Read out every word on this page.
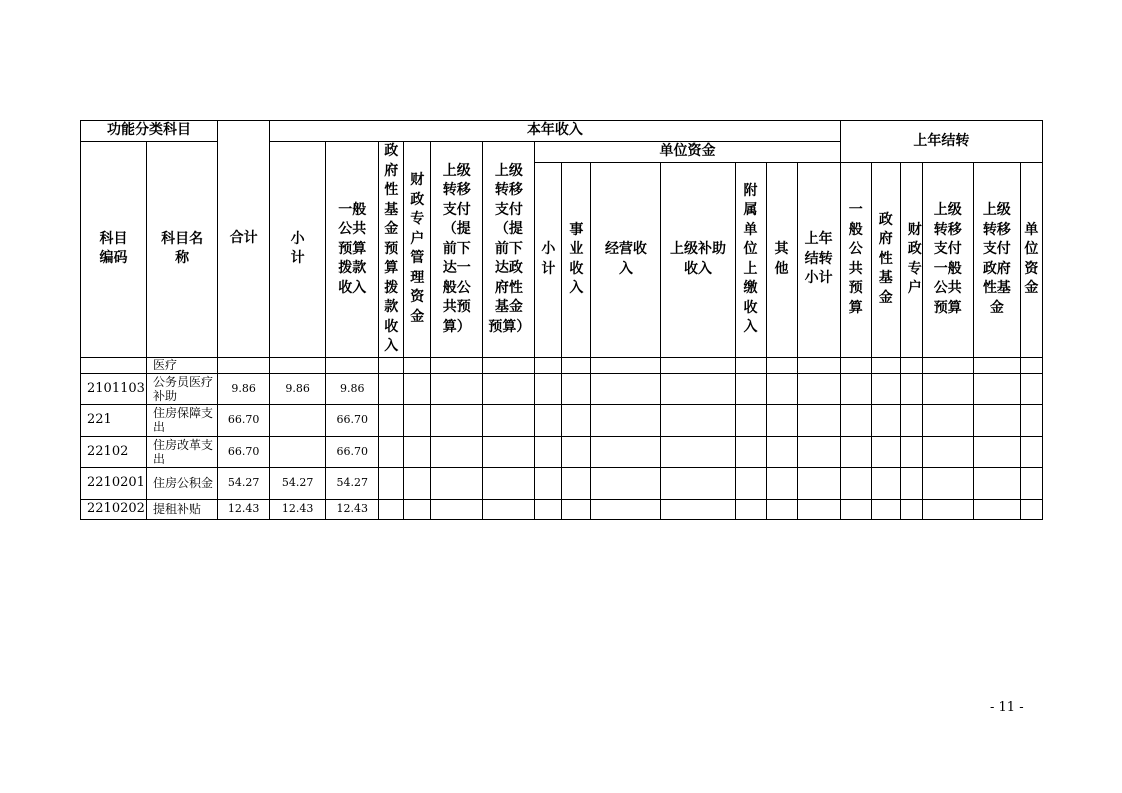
功能分类科目		合计	本年收入													上年结转					
科目编码	科目名称		小计	一般公共预算拨款收入	政府性基金预算拨款收入	财政专户管理资金	上级转移支付（提前下达一般公共预算）	上级转移支付（提前下达政府性基金预算）	单位资金												
									小计	事业收入	经营收入	上级补助收入	附属单位上缴收入	其他	上年结转小计	一般公共预算	政府性基金	财政专户	上级转移支付一般公共预算	上级转移支付政府性基金	单位资金
	医疗																				
2101103	公务员医疗补助	9.86	9.86	9.86																	
221	住房保障支出	66.70		66.70																	
22102	住房改革支出	66.70		66.70																	
2210201	住房公积金	54.27	54.27	54.27																	
2210202	提租补贴	12.43	12.43	12.43																	
- 11 -
